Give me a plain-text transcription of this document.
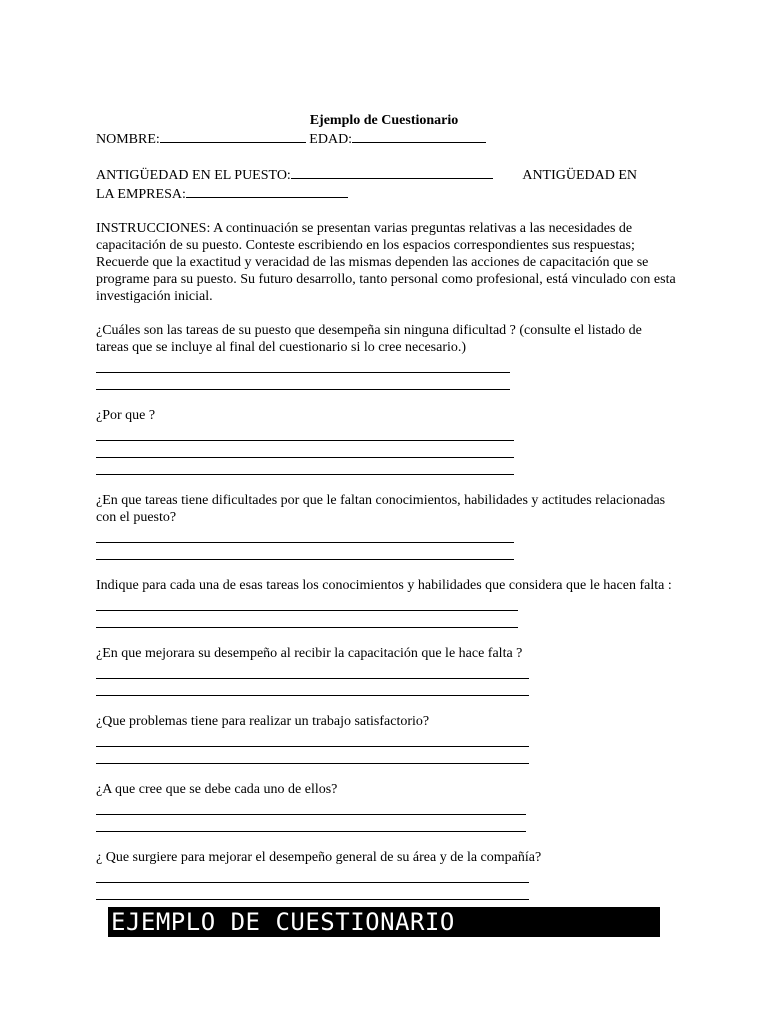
Ejemplo de Cuestionario
NOMBRE:	EDAD:
ANTIGÜEDAD EN EL PUESTO:	ANTIGÜEDAD EN
LA EMPRESA:

INSTRUCCIONES: A continuación se presentan varias preguntas relativas a las necesidades de capacitación de su puesto. Conteste escribiendo en los espacios correspondientes sus respuestas; Recuerde que la exactitud y veracidad de las mismas dependen las acciones de capacitación que se programe para su puesto. Su futuro desarrollo, tanto personal como profesional, está vinculado con esta investigación inicial.

¿Cuáles son las tareas de su puesto que desempeña sin ninguna dificultad ? (consulte el listado de tareas que se incluye al final del cuestionario si lo cree necesario.)

¿Por que ?

¿En que tareas tiene dificultades por que le faltan conocimientos, habilidades y actitudes relacionadas con el puesto?

Indique para cada una de esas tareas los conocimientos y habilidades que considera que le hacen falta :

¿En que mejorara su desempeño al recibir la capacitación que le hace falta ?

¿Que problemas tiene para realizar un trabajo satisfactorio?

¿A que cree que se debe cada uno de ellos?

¿ Que surgiere para mejorar el desempeño general de su área y de la compañía?

EJEMPLO DE CUESTIONARIO
